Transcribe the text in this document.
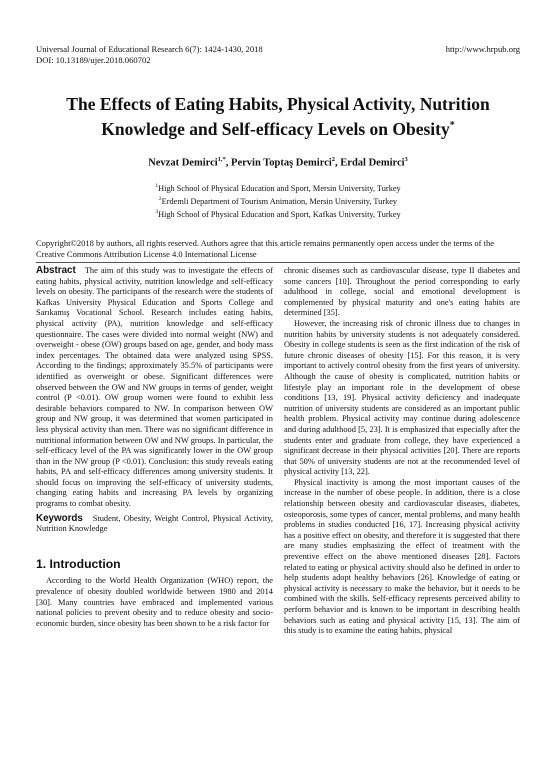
Universal Journal of Educational Research 6(7): 1424-1430, 2018	http://www.hrpub.org
DOI: 10.13189/ujer.2018.060702
The Effects of Eating Habits, Physical Activity, Nutrition Knowledge and Self-efficacy Levels on Obesity*
Nevzat Demirci$^{1,*}$, Pervin Toptaş Demirci$^2$, Erdal Demirci$^3$
$^1$High School of Physical Education and Sport, Mersin University, Turkey
$^2$Erdemli Department of Tourism Animation, Mersin University, Turkey
$^3$High School of Physical Education and Sport, Kafkas University, Turkey
Copyright©2018 by authors, all rights reserved. Authors agree that this article remains permanently open access under the terms of the Creative Commons Attribution License 4.0 International License

Abstract The aim of this study was to investigate the effects of eating habits, physical activity, nutrition knowledge and self-efficacy levels on obesity. The participants of the research were the students of Kafkas University Physical Education and Sports College and Sarıkamış Vocational School. Research includes eating habits, physical activity (PA), nutrition knowledge and self-efficacy questionnaire. The cases were divided into normal weight (NW) and overweight - obese (OW) groups based on age, gender, and body mass index percentages. The obtained data were analyzed using SPSS. According to the findings; approximately 35.5% of participants were identified as overweight or obese. Significant differences were observed between the OW and NW groups in terms of gender, weight control (P <0.01). OW group women were found to exhibit less desirable behaviors compared to NW. In comparison between OW group and NW group, it was determined that women participated in less physical activity than men. There was no significant difference in nutritional information between OW and NW groups. In particular, the self-efficacy level of the PA was significantly lower in the OW group than in the NW group (P <0.01). Conclusion: this study reveals eating habits, PA and self-efficacy differences among university students. It should focus on improving the self-efficacy of university students, changing eating habits and increasing PA levels by organizing programs to combat obesity.

Keywords Student, Obesity, Weight Control, Physical Activity, Nutrition Knowledge

1. Introduction

According to the World Health Organization (WHO) report, the prevalence of obesity doubled worldwide between 1980 and 2014 [30]. Many countries have embraced and implemented various national policies to prevent obesity and to reduce obesity and socio-economic burden, since obesity has been shown to be a risk factor for

chronic diseases such as cardiovascular disease, type II diabetes and some cancers [10]. Throughout the period corresponding to early adulthood in college, social and emotional development is complemented by physical maturity and one's eating habits are determined [35].

However, the increasing risk of chronic illness due to changes in nutrition habits by university students is not adequately considered. Obesity in college students is seen as the first indication of the risk of future chronic diseases of obesity [15]. For this reason, it is very important to actively control obesity from the first years of university. Although the cause of obesity is complicated, nutrition habits or lifestyle play an important role in the development of obese conditions [13, 19]. Physical activity deficiency and inadequate nutrition of university students are considered as an important public health problem. Physical activity may continue during adolescence and during adulthood [5, 23]. It is emphasized that especially after the students enter and graduate from college, they have experienced a significant decrease in their physical activities [20]. There are reports that 50% of university students are not at the recommended level of physical activity [13, 22].

Physical inactivity is among the most important causes of the increase in the number of obese people. In addition, there is a close relationship between obesity and cardiovascular diseases, diabetes, osteoporosis, some types of cancer, mental problems, and many health problems in studies conducted [16, 17]. Increasing physical activity has a positive effect on obesity, and therefore it is suggested that there are many studies emphasizing the effect of treatment with the preventive effect on the above mentioned diseases [28]. Factors related to eating or physical activity should also be defined in order to help students adopt healthy behaviors [26]. Knowledge of eating or physical activity is necessary to make the behavior, but it needs to be combined with the skills. Self-efficacy represents perceived ability to perform behavior and is known to be important in describing health behaviors such as eating and physical activity [15, 13]. The aim of this study is to examine the eating habits, physical
